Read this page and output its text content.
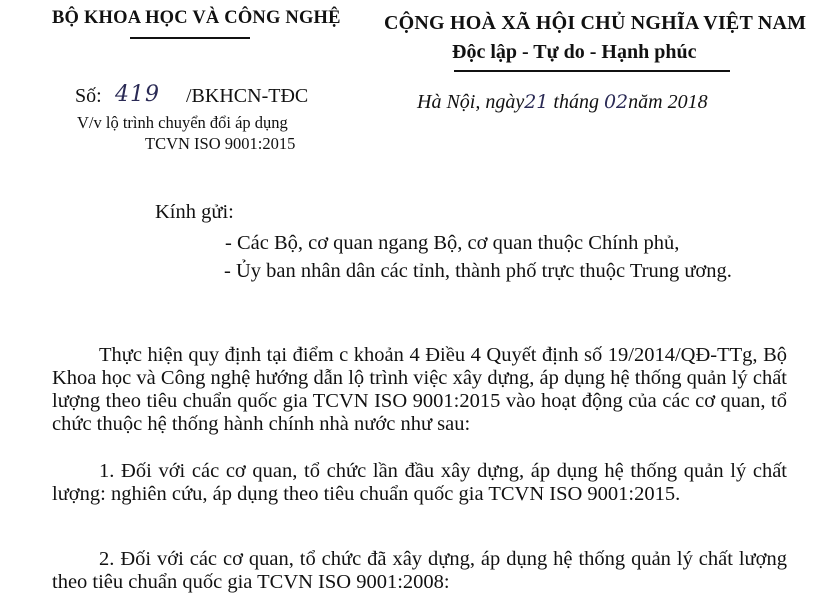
BỘ KHOA HỌC VÀ CÔNG NGHỆ CỘNG HOÀ XÃ HỘI CHỦ NGHĨA VIỆT NAM
Độc lập - Tự do - Hạnh phúc
Số: 419 /BKHCN-TĐC
V/v lộ trình chuyển đổi áp dụng
TCVN ISO 9001:2015
Hà Nội, ngày21 tháng 02năm 2018
Kính gửi:
- Các Bộ, cơ quan ngang Bộ, cơ quan thuộc Chính phủ,
- Ủy ban nhân dân các tỉnh, thành phố trực thuộc Trung ương.

Thực hiện quy định tại điểm c khoản 4 Điều 4 Quyết định số 19/2014/QĐ-TTg, Bộ Khoa học và Công nghệ hướng dẫn lộ trình việc xây dựng, áp dụng hệ thống quản lý chất lượng theo tiêu chuẩn quốc gia TCVN ISO 9001:2015 vào hoạt động của các cơ quan, tổ chức thuộc hệ thống hành chính nhà nước như sau:

1. Đối với các cơ quan, tổ chức lần đầu xây dựng, áp dụng hệ thống quản lý chất lượng: nghiên cứu, áp dụng theo tiêu chuẩn quốc gia TCVN ISO 9001:2015.

2. Đối với các cơ quan, tổ chức đã xây dựng, áp dụng hệ thống quản lý chất lượng theo tiêu chuẩn quốc gia TCVN ISO 9001:2008:
